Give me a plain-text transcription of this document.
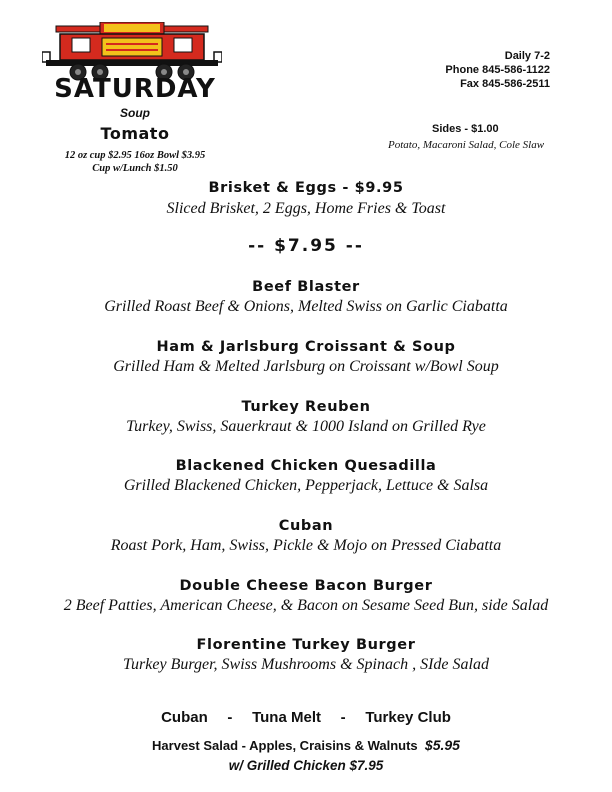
SATURDAY
Soup
Tomato
12 oz cup $2.95 16oz Bowl $3.95
Cup w/Lunch $1.50
Daily 7-2
Phone 845-586-1122
Fax 845-586-2511
Sides - $1.00
Potato, Macaroni Salad, Cole Slaw
Brisket & Eggs - $9.95
Sliced Brisket, 2 Eggs, Home Fries & Toast
-- $7.95 --
Beef Blaster
Grilled Roast Beef & Onions, Melted Swiss on Garlic Ciabatta
Ham & Jarlsburg Croissant & Soup
Grilled Ham & Melted Jarlsburg on Croissant w/Bowl Soup
Turkey Reuben
Turkey, Swiss, Sauerkraut & 1000 Island on Grilled Rye
Blackened Chicken Quesadilla
Grilled Blackened Chicken, Pepperjack, Lettuce & Salsa
Cuban
Roast Pork, Ham, Swiss, Pickle & Mojo on Pressed Ciabatta
Double Cheese Bacon Burger
2 Beef Patties, American Cheese, & Bacon on Sesame Seed Bun, side Salad
Florentine Turkey Burger
Turkey Burger, Swiss Mushrooms & Spinach , SIde Salad
Cuban - Tuna Melt - Turkey Club
Harvest Salad - Apples, Craisins & Walnuts $5.95
w/ Grilled Chicken $7.95
